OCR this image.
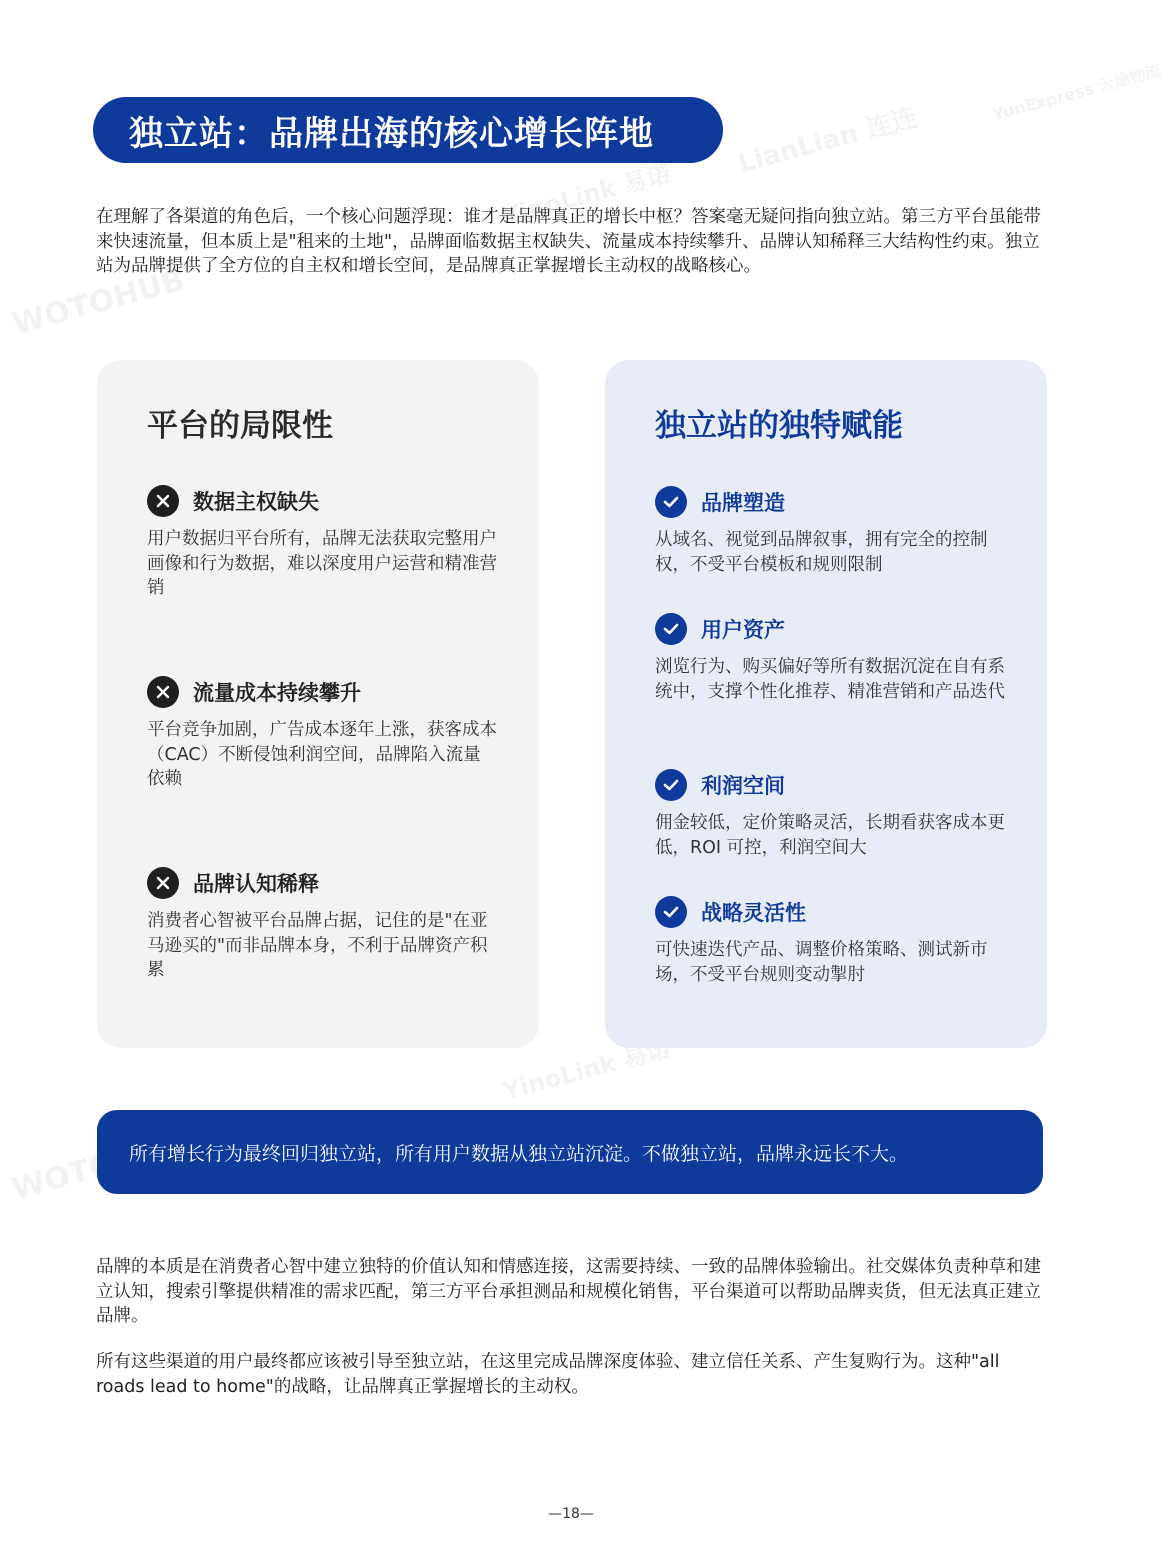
LianLian 连连
YinoLink 易诺
WOTOHUB
YunExpress 云途物流
YinoLink 易诺
独立站：品牌出海的核心增长阵地
在理解了各渠道的角色后，一个核心问题浮现：谁才是品牌真正的增长中枢？答案毫无疑问指向独立站。第三方平台虽能带来快速流量，但本质上是"租来的土地"，品牌面临数据主权缺失、流量成本持续攀升、品牌认知稀释三大结构性约束。独立站为品牌提供了全方位的自主权和增长空间，是品牌真正掌握增长主动权的战略核心。
平台的局限性
数据主权缺失
用户数据归平台所有，品牌无法获取完整用户画像和行为数据，难以深度用户运营和精准营销
流量成本持续攀升
平台竞争加剧，广告成本逐年上涨，获客成本（CAC）不断侵蚀利润空间，品牌陷入流量依赖
品牌认知稀释
消费者心智被平台品牌占据，记住的是"在亚马逊买的"而非品牌本身，不利于品牌资产积累
独立站的独特赋能
品牌塑造
从域名、视觉到品牌叙事，拥有完全的控制权，不受平台模板和规则限制
用户资产
浏览行为、购买偏好等所有数据沉淀在自有系统中，支撑个性化推荐、精准营销和产品迭代
利润空间
佣金较低，定价策略灵活，长期看获客成本更低，ROI 可控，利润空间大
战略灵活性
可快速迭代产品、调整价格策略、测试新市场，不受平台规则变动掣肘
所有增长行为最终回归独立站，所有用户数据从独立站沉淀。不做独立站，品牌永远长不大。
品牌的本质是在消费者心智中建立独特的价值认知和情感连接，这需要持续、一致的品牌体验输出。社交媒体负责种草和建立认知，搜索引擎提供精准的需求匹配，第三方平台承担测品和规模化销售，平台渠道可以帮助品牌卖货，但无法真正建立品牌。
所有这些渠道的用户最终都应该被引导至独立站，在这里完成品牌深度体验、建立信任关系、产生复购行为。这种"all roads lead to home"的战略，让品牌真正掌握增长的主动权。
—18—
